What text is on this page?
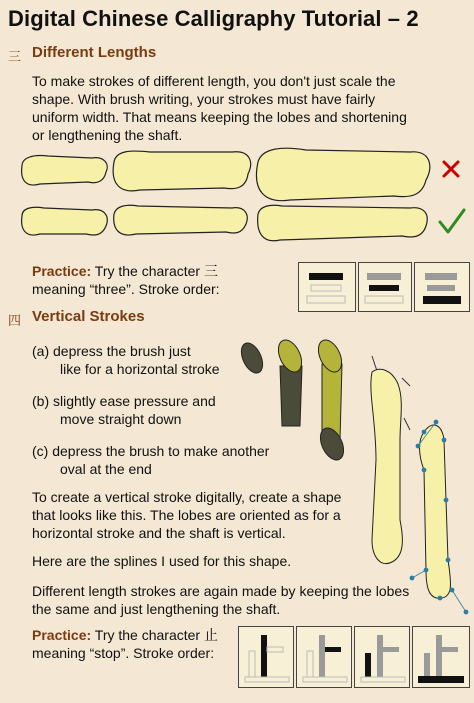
Digital Chinese Calligraphy Tutorial – 2
三 Different Lengths
To make strokes of different length, you don't just scale the shape. With brush writing, your strokes must have fairly uniform width. That means keeping the lobes and shortening or lengthening the shaft.
Practice: Try the character 三
meaning “three”. Stroke order:
四 Vertical Strokes
(a) depress the brush just
like for a horizontal stroke
(b) slightly ease pressure and
move straight down
(c) depress the brush to make another
oval at the end
To create a vertical stroke digitally, create a shape that looks like this. The lobes are oriented as for a horizontal stroke and the shaft is vertical.
Here are the splines I used for this shape.
Different length strokes are again made by keeping the lobes the same and just lengthening the shaft.
Practice: Try the character 止
meaning “stop”. Stroke order:
